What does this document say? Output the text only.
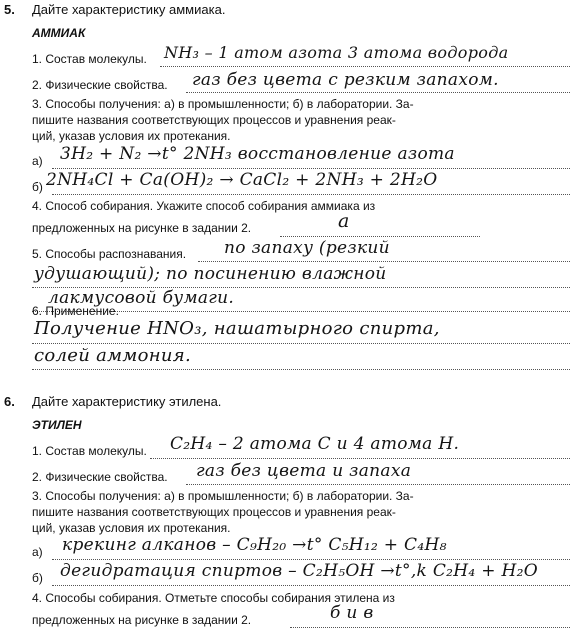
5. Дайте характеристику аммиака.
АММИАК
1. Состав молекулы. NH₃ – 1 атом азота 3 атома водорода
2. Физические свойства. газ без цвета с резким запахом.
3. Способы получения: а) в промышленности; б) в лаборатории. За-
пишите названия соответствующих процессов и уравнения реак-
ций, указав условия их протекания.
а) 3H₂ + N₂ →t° 2NH₃ восстановление азота
б) 2NH₄Cl + Ca(OH)₂ → CaCl₂ + 2NH₃ + 2H₂O
4. Способ собирания. Укажите способ собирания аммиака из
предложенных на рисунке в задании 2.	а
5. Способы распознавания. по запаху (резкий
удушающий); по посинению влажной
лакмусовой бумаги.
6. Применение.
Получение HNO₃, нашатырного спирта,
солей аммония.
6. Дайте характеристику этилена.
ЭТИЛЕН
1. Состав молекулы. C₂H₄ – 2 атома C и 4 атома H.
2. Физические свойства. газ без цвета и запаха
3. Способы получения: а) в промышленности; б) в лаборатории. За-
пишите названия соответствующих процессов и уравнения реак-
ций, указав условия их протекания.
а) крекинг алканов – C₉H₂₀ →t° C₅H₁₂ + C₄H₈
б) дегидратация спиртов – C₂H₅OH →t°,k C₂H₄ + H₂O
4. Способы собирания. Отметьте способы собирания этилена из
предложенных на рисунке в задании 2.	б и в
